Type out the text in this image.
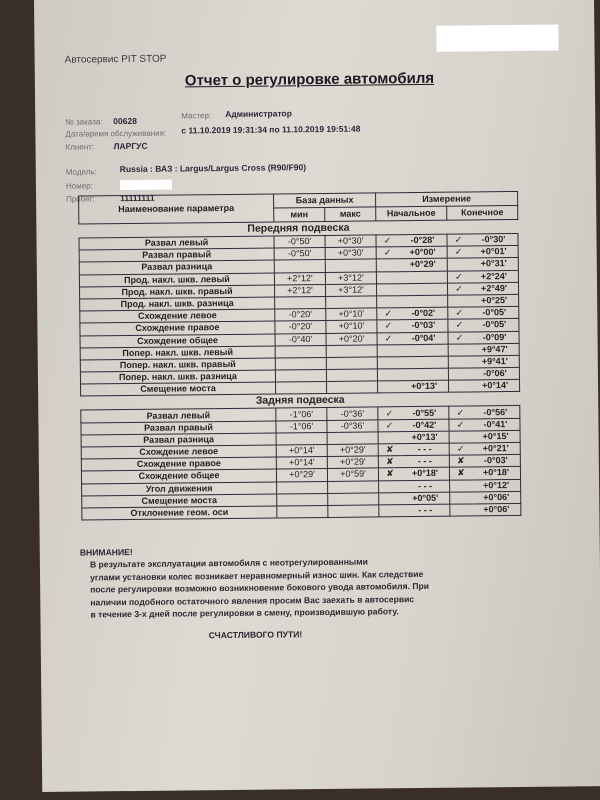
Автосервис PIT STOP
Отчет о регулировке автомобиля
№ заказа: 00628
Мастер: Администратор
Дата/время обслуживания: с 11.10.2019 19:31:34 по 11.10.2019 19:51:48
Клиент: ЛАРГУС
Модель:	Russia : ВАЗ : Largus/Largus Cross (R90/F90)
Номер:
Пробег:	11111111
Наименование параметра	База данных		Измерение			
	мин	макс	Начальное		Конечное	
Передняя подвеска						
Развал левый	-0°50'	+0°30'	✓	-0°28'	✓	-0°30'
Развал правый	-0°50'	+0°30'	✓	+0°00'	✓	+0°01'
Развал разница				+0°29'		+0°31'
Прод. накл. шкв. левый	+2°12'	+3°12'			✓	+2°24'
Прод. накл. шкв. правый	+2°12'	+3°12'			✓	+2°49'
Прод. накл. шкв. разница						+0°25'
Схождение левое	-0°20'	+0°10'	✓	-0°02'	✓	-0°05'
Схождение правое	-0°20'	+0°10'	✓	-0°03'	✓	-0°05'
Схождение общее	-0°40'	+0°20'	✓	-0°04'	✓	-0°09'
Попер. накл. шкв. левый						+9°47'
Попер. накл. шкв. правый						+9°41'
Попер. накл. шкв. разница						-0°06'
Смещение моста				+0°13'		+0°14'
Задняя подвеска						
Развал левый	-1°06'	-0°36'	✓	-0°55'	✓	-0°56'
Развал правый	-1°06'	-0°36'	✓	-0°42'	✓	-0°41'
Развал разница				+0°13'		+0°15'
Схождение левое	+0°14'	+0°29'	✘	- - -	✓	+0°21'
Схождение правое	+0°14'	+0°29'	✘	- - -	✘	-0°03'
Схождение общее	+0°29'	+0°59'	✘	+0°18'	✘	+0°18'
Угол движения				- - -		+0°12'
Смещение моста				+0°05'		+0°06'
Отклонение геом. оси				- - -		+0°06'
ВНИМАНИЕ!

В результате эксплуатации автомобиля с неотрегулированными

углами установки колес возникает неравномерный износ шин. Как следствие

после регулировки возможно возникновение бокового увода автомобиля. При

наличии подобного остаточного явления просим Вас заехать в автосервис

в течение 3-х дней после регулировки в смену, производившую работу.

СЧАСТЛИВОГО ПУТИ!
